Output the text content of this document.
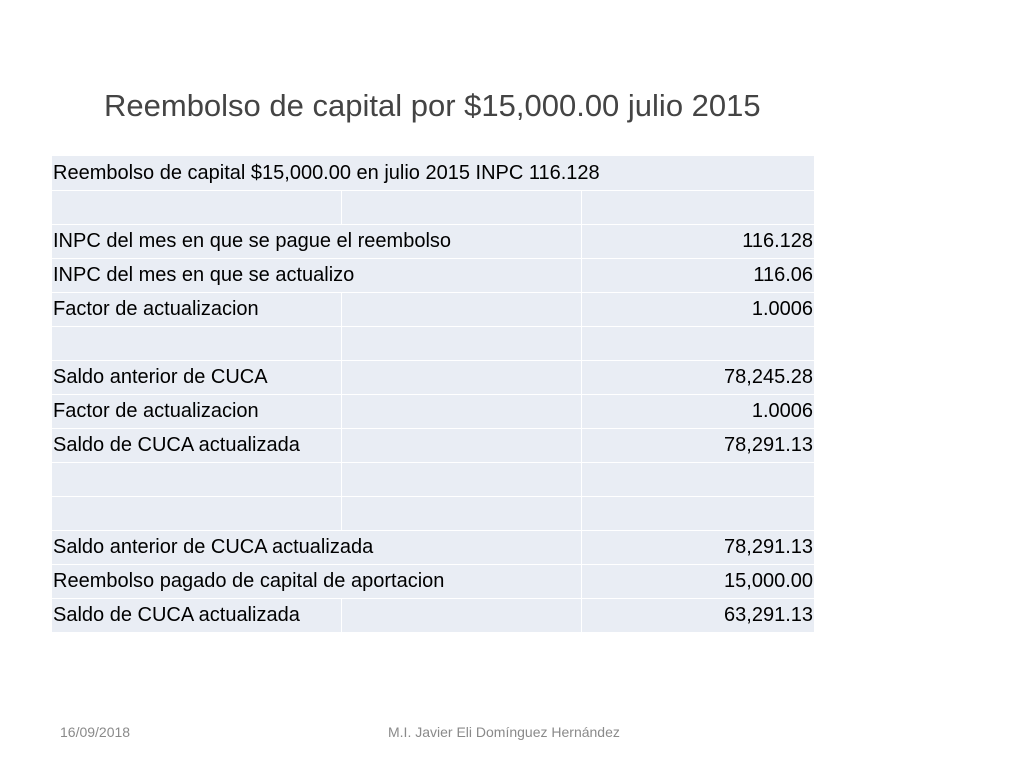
Reembolso de capital por $15,000.00 julio 2015
Reembolso de capital $15,000.00 en julio 2015 INPC 116.128		

INPC del mes en que se pague el reembolso		116.128
INPC del mes en que se actualizo		116.06
Factor de actualizacion		1.0006

Saldo anterior de CUCA		78,245.28
Factor de actualizacion		1.0006
Saldo de CUCA actualizada		78,291.13

Saldo anterior de CUCA actualizada		78,291.13
Reembolso pagado de capital de aportacion		15,000.00
Saldo de CUCA actualizada		63,291.13
16/09/2018	M.I. Javier Eli Domínguez Hernández
